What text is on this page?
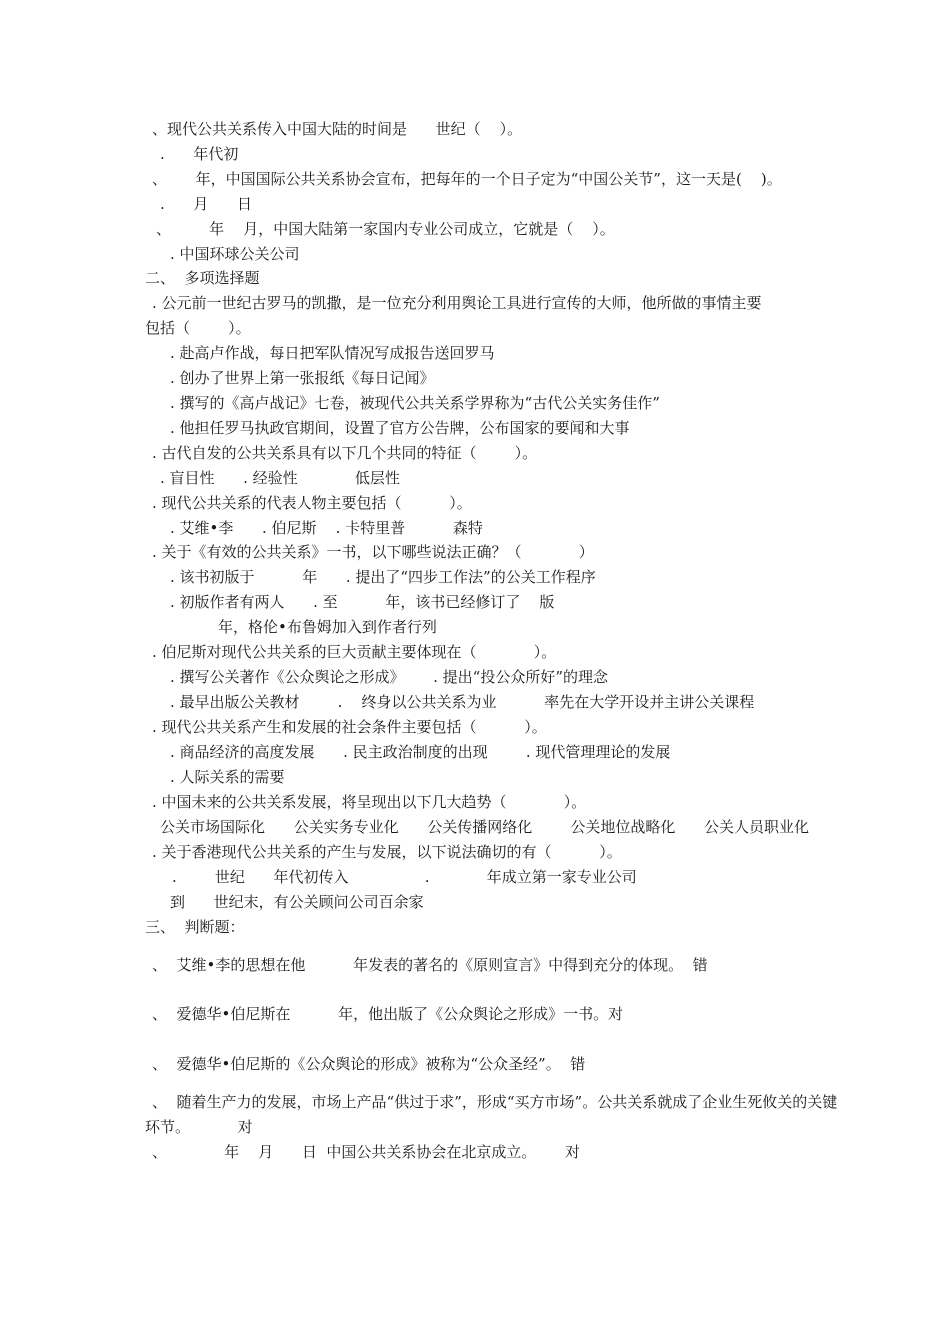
、现代公共关系传入中国大陆的时间是      世纪（    ）。
.      年代初
、      年，中国国际公共关系协会宣布，把每年的一个日子定为“中国公关节”，这一天是(    )。
.      月      日
、        年    月，中国大陆第一家国内专业公司成立，它就是（    ）。
. 中国环球公关公司
二、  多项选择题
. 公元前一世纪古罗马的凯撒，是一位充分利用舆论工具进行宣传的大师，他所做的事情主要
包括（        ）。
. 赴高卢作战，每日把军队情况写成报告送回罗马
. 创办了世界上第一张报纸《每日记闻》
. 撰写的《高卢战记》七卷，被现代公共关系学界称为“古代公关实务佳作”
. 他担任罗马执政官期间，设置了官方公告牌，公布国家的要闻和大事
. 古代自发的公共关系具有以下几个共同的特征（        ）。
. 盲目性      . 经验性            低层性
. 现代公共关系的代表人物主要包括（          ）。
. 艾维•李      . 伯尼斯    . 卡特里普          森特
. 关于《有效的公共关系》一书，以下哪些说法正确？（            ）
. 该书初版于          年      . 提出了“四步工作法”的公关工作程序
. 初版作者有两人      . 至          年，该书已经修订了    版
年，格伦•布鲁姆加入到作者行列
. 伯尼斯对现代公共关系的巨大贡献主要体现在（            ）。
. 撰写公关著作《公众舆论之形成》      . 提出“投公众所好”的理念
. 最早出版公关教材        .    终身以公共关系为业          率先在大学开设并主讲公关课程
. 现代公共关系产生和发展的社会条件主要包括（          ）。
. 商品经济的高度发展      . 民主政治制度的出现        . 现代管理理论的发展
. 人际关系的需要
. 中国未来的公共关系发展，将呈现出以下几大趋势（            ）。
公关市场国际化      公关实务专业化      公关传播网络化        公关地位战略化      公关人员职业化
. 关于香港现代公共关系的产生与发展，以下说法确切的有（          ）。
.        世纪      年代初传入                .            年成立第一家专业公司
到      世纪末，有公关顾问公司百余家
三、  判断题：
、  艾维•李的思想在他          年发表的著名的《原则宣言》中得到充分的体现。  错
、  爱德华•伯尼斯在          年，他出版了《公众舆论之形成》一书。对
、  爱德华•伯尼斯的《公众舆论的形成》被称为“公众圣经”。  错
、  随着生产力的发展，市场上产品“供过于求”，形成“买方市场”。公共关系就成了企业生死攸关的关键
环节。          对
、            年    月      日  中国公共关系协会在北京成立。      对
